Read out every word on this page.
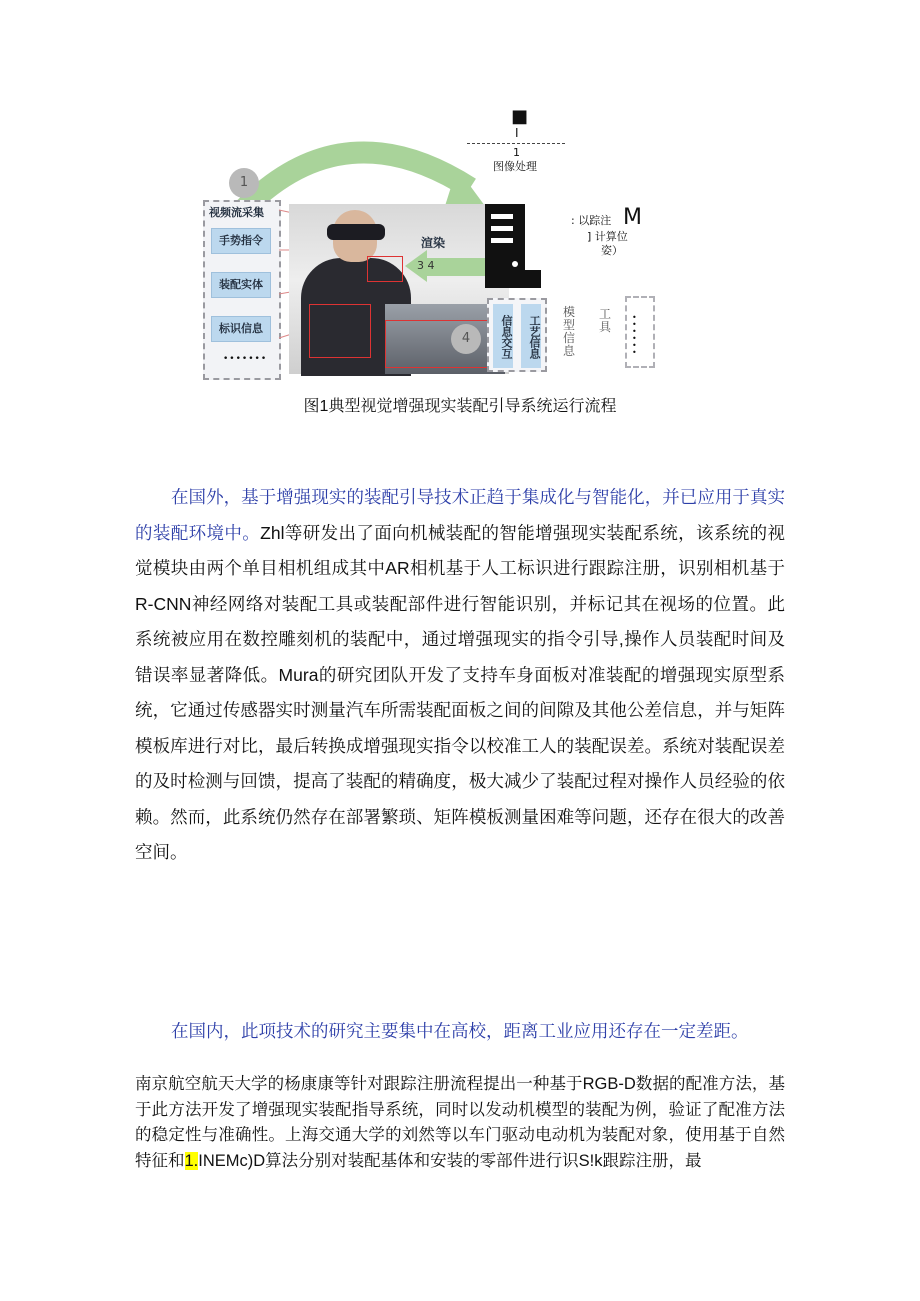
■
I
1
图像处理
1
视频流采集
手势指令
装配实体
标识信息
•••••••
渲染
3 4
: 以踪注 M
] 计算位
姿）
4	信息交互	工艺信息
模型信息
工具
••••••
图1典型视觉增强现实装配引导系统运行流程

在国外，基于增强现实的装配引导技术正趋于集成化与智能化，并已应用于真实的装配环境中。Zhl等研发出了面向机械装配的智能增强现实装配系统，该系统的视觉模块由两个单目相机组成其中AR相机基于人工标识进行跟踪注册，识别相机基于R-CNN神经网络对装配工具或装配部件进行智能识别，并标记其在视场的位置。此系统被应用在数控雕刻机的装配中，通过增强现实的指令引导,操作人员装配时间及错误率显著降低。Mura的研究团队开发了支持车身面板对准装配的增强现实原型系统，它通过传感器实时测量汽车所需装配面板之间的间隙及其他公差信息，并与矩阵模板库进行对比，最后转换成增强现实指令以校准工人的装配误差。系统对装配误差的及时检测与回馈，提高了装配的精确度，极大减少了装配过程对操作人员经验的依赖。然而，此系统仍然存在部署繁琐、矩阵模板测量困难等问题，还存在很大的改善空间。

在国内，此项技术的研究主要集中在高校，距离工业应用还存在一定差距。

南京航空航天大学的杨康康等针对跟踪注册流程提出一种基于RGB-D数据的配准方法，基于此方法开发了增强现实装配指导系统，同时以发动机模型的装配为例，验证了配准方法的稳定性与准确性。上海交通大学的刘然等以车门驱动电动机为装配对象，使用基于自然特征和1.INEMc)D算法分别对装配基体和安装的零部件进行识S!k跟踪注册，最
